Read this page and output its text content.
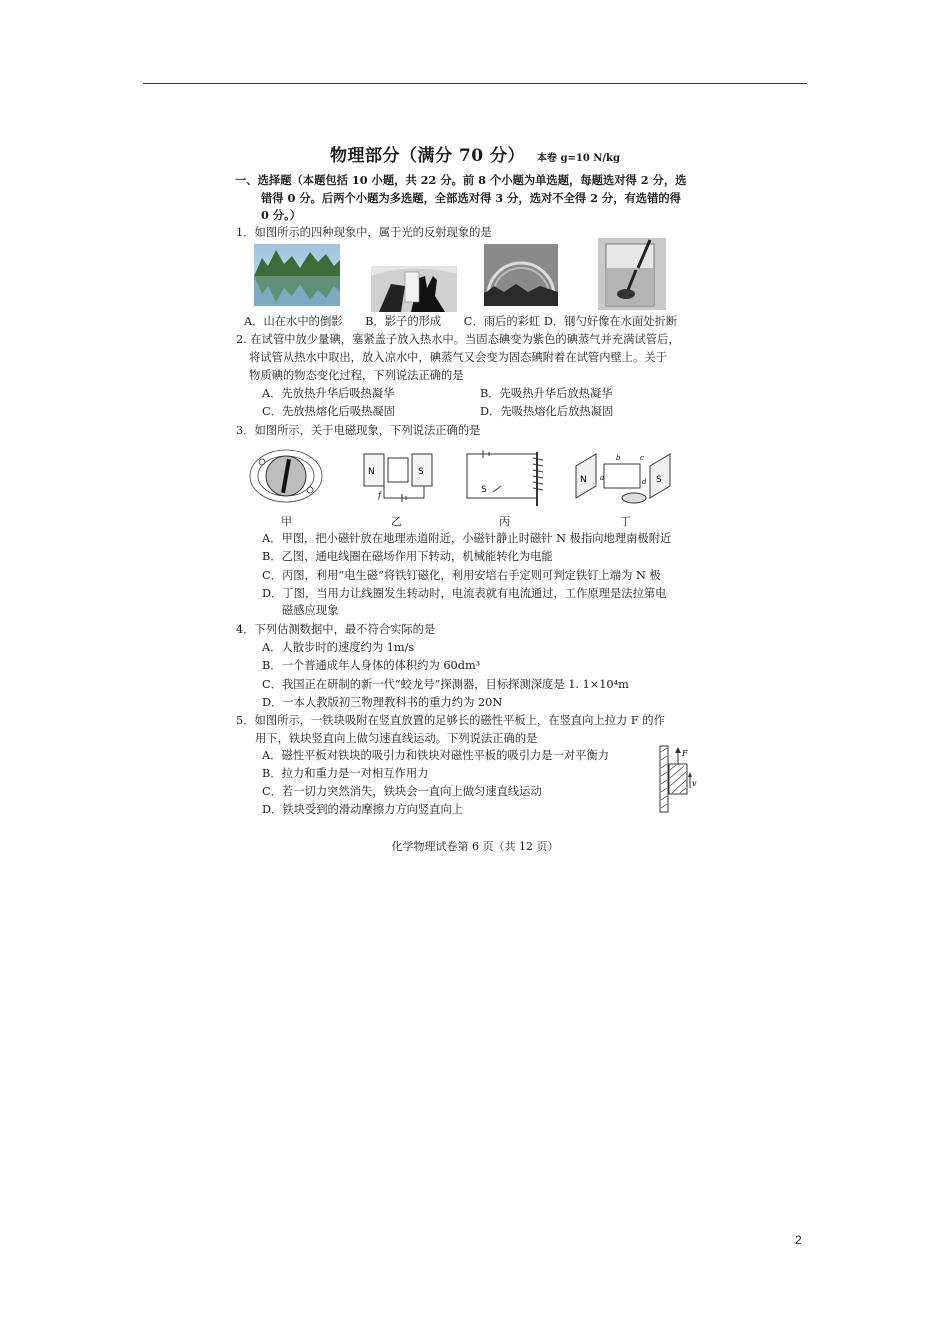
物理部分（满分 70 分） 本卷 g=10 N/kg
一、选择题（本题包括 10 小题，共 22 分。前 8 个小题为单选题，每题选对得 2 分，选
错得 0 分。后两个小题为多选题，全部选对得 3 分，选对不全得 2 分，有选错的得
0 分。）
1．如图所示的四种现象中，属于光的反射现象的是
A．山在水中的倒影　　B．影子的形成　　C．雨后的彩虹 D．钢勺好像在水面处折断
2. 在试管中放少量碘，塞紧盖子放入热水中。当固态碘变为紫色的碘蒸气并充满试管后，
将试管从热水中取出，放入凉水中，碘蒸气又会变为固态碘附着在试管内壁上。关于
物质碘的物态变化过程，下列说法正确的是
A．先放热升华后吸热凝华	B．先吸热升华后放热凝华
C．先放热熔化后吸热凝固	D．先吸热熔化后放热凝固
3．如图所示，关于电磁现象，下列说法正确的是
N	S
f
S
N	S
a
b	c
d
甲	乙	丙	丁
A．甲图，把小磁针放在地理赤道附近，小磁针静止时磁针 N 极指向地理南极附近
B．乙图，通电线圈在磁场作用下转动，机械能转化为电能
C．丙图，利用“电生磁”将铁钉磁化，利用安培右手定则可判定铁钉上端为 N 极
D．丁图，当用力让线圈发生转动时，电流表就有电流通过，工作原理是法拉第电
磁感应现象
4．下列估测数据中，最不符合实际的是
A．人散步时的速度约为 1m/s
B．一个普通成年人身体的体积约为 60dm³
C．我国正在研制的新一代“蛟龙号”探测器，目标探测深度是 1. 1×10⁴m
D．一本人教版初三物理教科书的重力约为 20N
5．如图所示，一铁块吸附在竖直放置的足够长的磁性平板上，在竖直向上拉力 F 的作
用下，铁块竖直向上做匀速直线运动。下列说法正确的是
A．磁性平板对铁块的吸引力和铁块对磁性平板的吸引力是一对平衡力
B．拉力和重力是一对相互作用力
C．若一切力突然消失，铁块会一直向上做匀速直线运动
D．铁块受到的滑动摩擦力方向竖直向上
F
v
化学物理试卷第 6 页（共 12 页）
2
